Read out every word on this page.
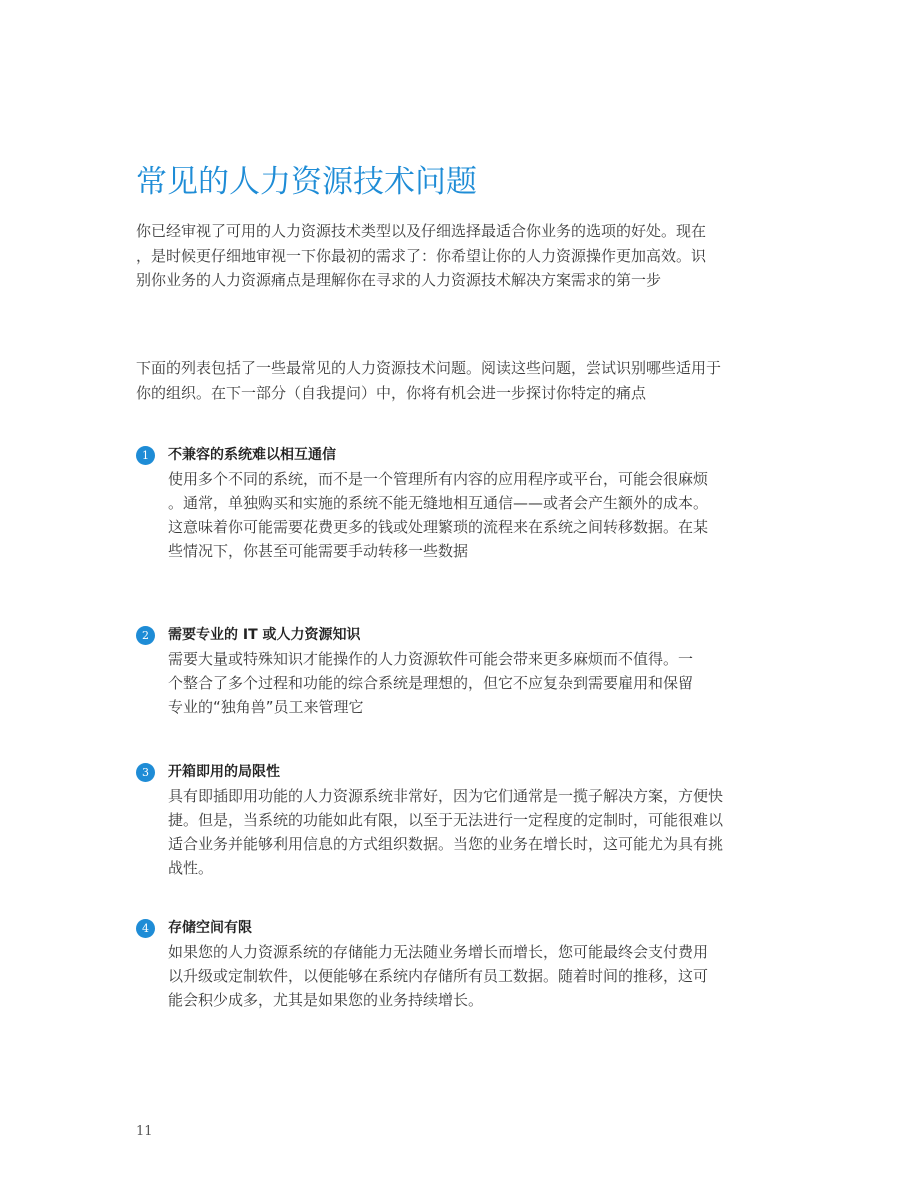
常见的人力资源技术问题

你已经审视了可用的人力资源技术类型以及仔细选择最适合你业务的选项的好处。现在
，是时候更仔细地审视一下你最初的需求了：你希望让你的人力资源操作更加高效。识
别你业务的人力资源痛点是理解你在寻求的人力资源技术解决方案需求的第一步

下面的列表包括了一些最常见的人力资源技术问题。阅读这些问题，尝试识别哪些适用于
你的组织。在下一部分（自我提问）中，你将有机会进一步探讨你特定的痛点

1	不兼容的系统难以相互通信

使用多个不同的系统，而不是一个管理所有内容的应用程序或平台，可能会很麻烦
。通常，单独购买和实施的系统不能无缝地相互通信——或者会产生额外的成本。
这意味着你可能需要花费更多的钱或处理繁琐的流程来在系统之间转移数据。在某
些情况下，你甚至可能需要手动转移一些数据

2	需要专业的 IT 或人力资源知识

需要大量或特殊知识才能操作的人力资源软件可能会带来更多麻烦而不值得。一
个整合了多个过程和功能的综合系统是理想的，但它不应复杂到需要雇用和保留
专业的“独角兽”员工来管理它

3	开箱即用的局限性

具有即插即用功能的人力资源系统非常好，因为它们通常是一揽子解决方案，方便快
捷。但是，当系统的功能如此有限，以至于无法进行一定程度的定制时，可能很难以
适合业务并能够利用信息的方式组织数据。当您的业务在增长时，这可能尤为具有挑
战性。

4	存储空间有限

如果您的人力资源系统的存储能力无法随业务增长而增长，您可能最终会支付费用
以升级或定制软件，以便能够在系统内存储所有员工数据。随着时间的推移，这可
能会积少成多，尤其是如果您的业务持续增长。

11
